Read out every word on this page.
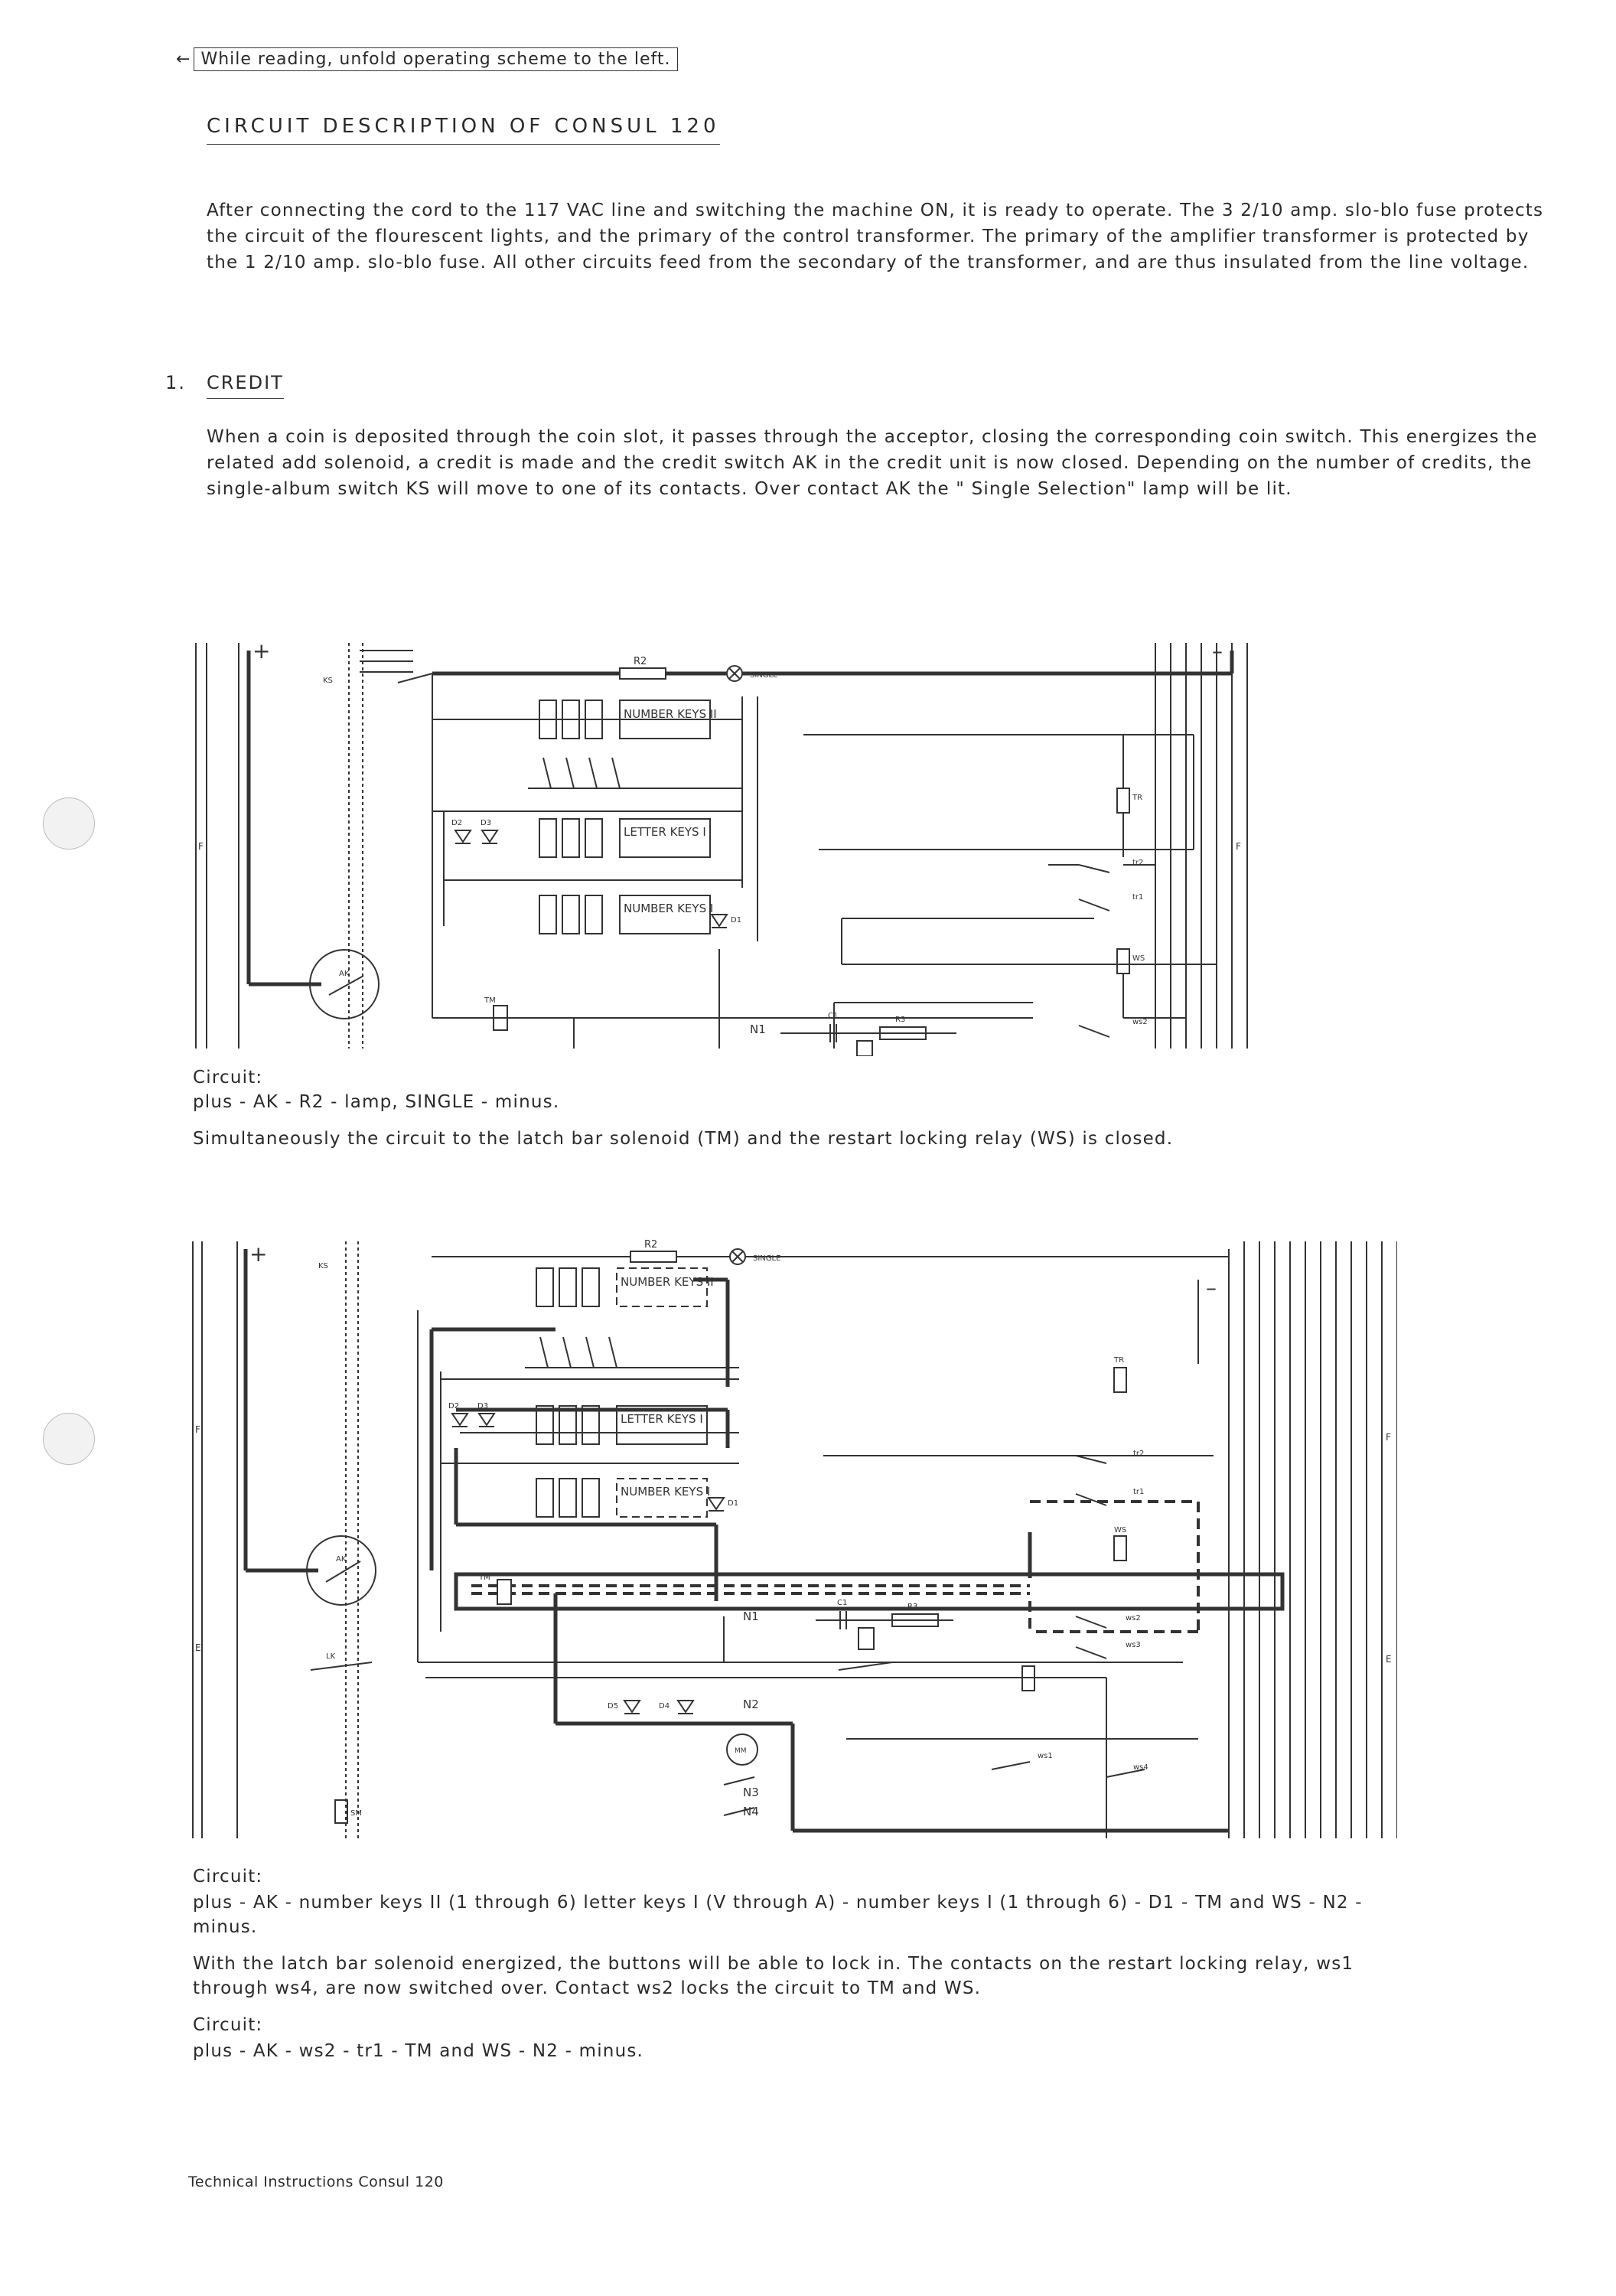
← While reading, unfold operating scheme to the left.
CIRCUIT DESCRIPTION OF CONSUL 120
After connecting the cord to the 117 VAC line and switching the machine ON, it is ready to operate. The 3 2/10 amp. slo-blo fuse protects the circuit of the flourescent lights, and the primary of the control transformer. The primary of the amplifier transformer is protected by the 1 2/10 amp. slo-blo fuse. All other circuits feed from the secondary of the transformer, and are thus insulated from the line voltage.
1. CREDIT
When a coin is deposited through the coin slot, it passes through the acceptor, closing the corresponding coin switch. This energizes the related add solenoid, a credit is made and the credit switch AK in the credit unit is now closed. Depending on the number of credits, the single-album switch KS will move to one of its contacts. Over contact AK the " Single Selection" lamp will be lit.
+	–
R2
SINGLE
KS
NUMBER KEYS II
LETTER KEYS I
NUMBER KEYS I
D2 D3
D1
AK
TM
N1
C1	R3
TR
WS
tr2
tr1
ws2
F	F
Circuit:
plus - AK - R2 - lamp, SINGLE - minus.
Simultaneously the circuit to the latch bar solenoid (TM) and the restart locking relay (WS) is closed.
+
–
R2
SINGLE
KS
NUMBER KEYS II
LETTER KEYS I
NUMBER KEYS I
D2 D3
D1
D5	D4
AK
TM
N1
N2
N3
N4
MM
C1	R3
TR
WS
tr2
tr1
ws2
ws3
ws1
ws4
LK
SM
F
F
E
E
Circuit:
plus - AK - number keys II (1 through 6) letter keys I (V through A) - number keys I (1 through 6) - D1 - TM and WS - N2 - minus.
With the latch bar solenoid energized, the buttons will be able to lock in. The contacts on the restart locking relay, ws1 through ws4, are now switched over. Contact ws2 locks the circuit to TM and WS.
Circuit:
plus - AK - ws2 - tr1 - TM and WS - N2 - minus.
Technical Instructions Consul 120
